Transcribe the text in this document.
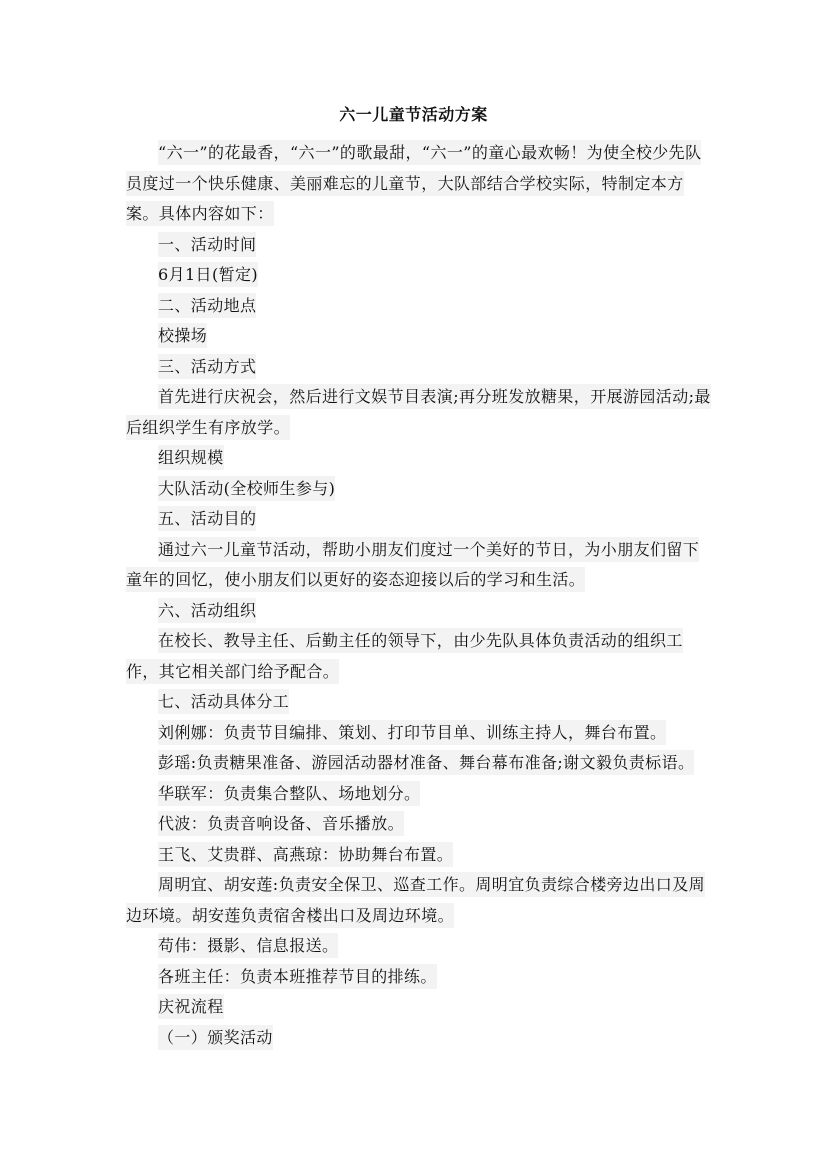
六一儿童节活动方案

“六一”的花最香，“六一”的歌最甜，“六一”的童心最欢畅！为使全校少先队员度过一个快乐健康、美丽难忘的儿童节，大队部结合学校实际，特制定本方案。具体内容如下：

一、活动时间

6月1日(暂定)

二、活动地点

校操场

三、活动方式

首先进行庆祝会，然后进行文娱节目表演;再分班发放糖果，开展游园活动;最后组织学生有序放学。

组织规模

大队活动(全校师生参与)

五、活动目的

通过六一儿童节活动，帮助小朋友们度过一个美好的节日，为小朋友们留下童年的回忆，使小朋友们以更好的姿态迎接以后的学习和生活。

六、活动组织

在校长、教导主任、后勤主任的领导下，由少先队具体负责活动的组织工作，其它相关部门给予配合。

七、活动具体分工

刘俐娜：负责节目编排、策划、打印节目单、训练主持人，舞台布置。

彭瑶:负责糖果准备、游园活动器材准备、舞台幕布准备;谢文毅负责标语。

华联军：负责集合整队、场地划分。

代波：负责音响设备、音乐播放。

王飞、艾贵群、高燕琼：协助舞台布置。

周明宜、胡安莲:负责安全保卫、巡查工作。周明宜负责综合楼旁边出口及周边环境。胡安莲负责宿舍楼出口及周边环境。

苟伟：摄影、信息报送。

各班主任：负责本班推荐节目的排练。

庆祝流程

（一）颁奖活动
